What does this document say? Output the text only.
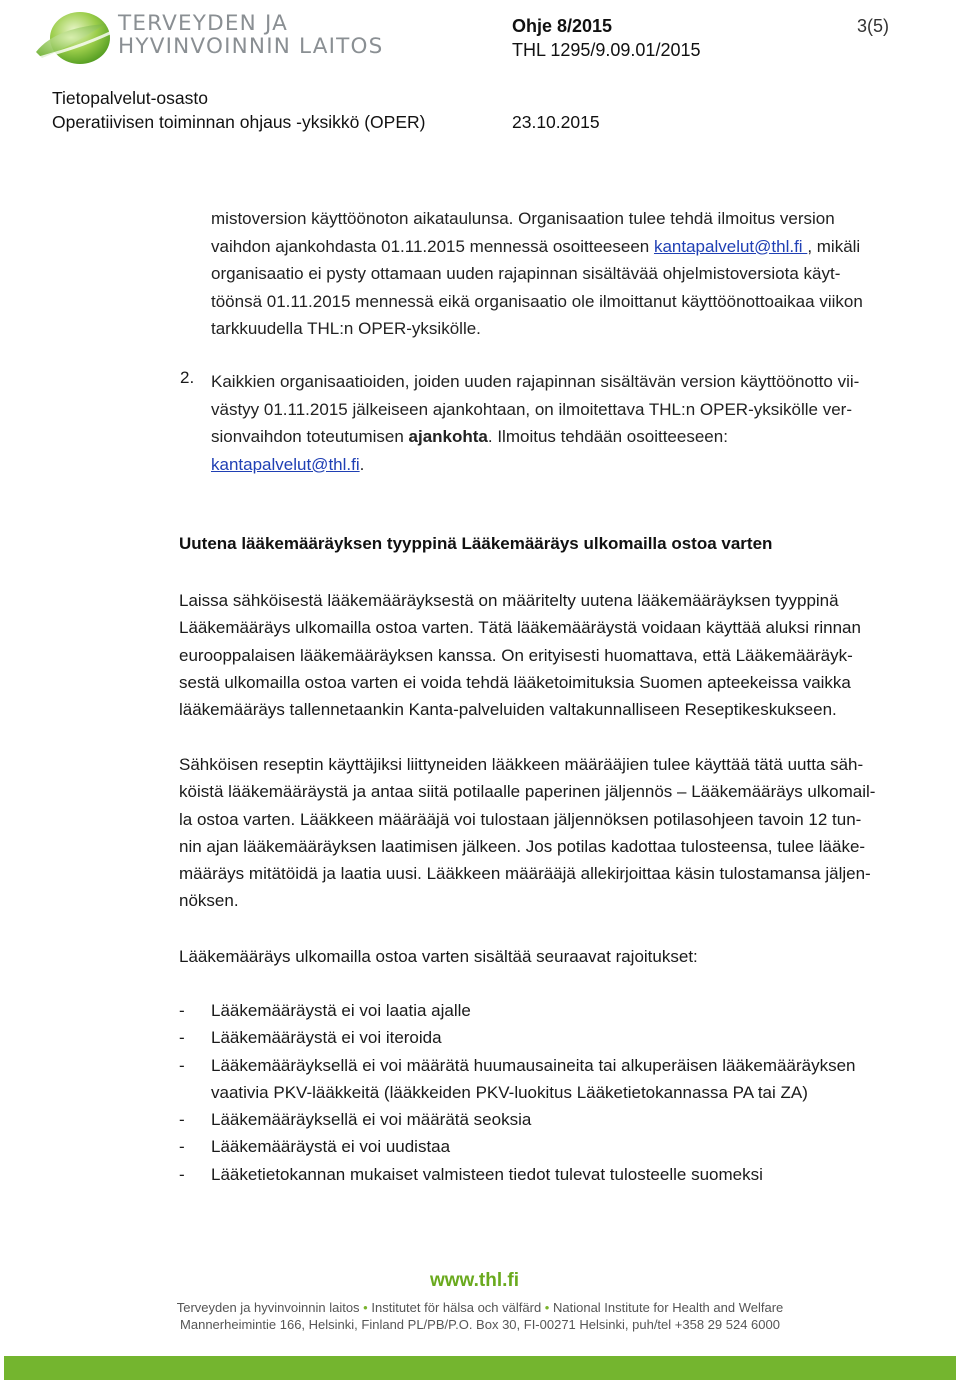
TERVEYDEN JA
HYVINVOINNIN LAITOS
Ohje 8/2015	3(5)
THL 1295/9.09.01/2015
Tietopalvelut-osasto
Operatiivisen toiminnan ohjaus -yksikkö (OPER)	23.10.2015
mistoversion käyttöönoton aikataulunsa. Organisaation tulee tehdä ilmoitus version
vaihdon ajankohdasta 01.11.2015 mennessä osoitteeseen kantapalvelut@thl.fi , mikäli
organisaatio ei pysty ottamaan uuden rajapinnan sisältävää ohjelmistoversiota käyt-
töönsä 01.11.2015 mennessä eikä organisaatio ole ilmoittanut käyttöönottoaikaa viikon
tarkkuudella THL:n OPER-yksikölle.
2. Kaikkien organisaatioiden, joiden uuden rajapinnan sisältävän version käyttöönotto vii-
västyy 01.11.2015 jälkeiseen ajankohtaan, on ilmoitettava THL:n OPER-yksikölle ver-
sionvaihdon toteutumisen ajankohta. Ilmoitus tehdään osoitteeseen:
kantapalvelut@thl.fi.
Uutena lääkemääräyksen tyyppinä Lääkemääräys ulkomailla ostoa varten
Laissa sähköisestä lääkemääräyksestä on määritelty uutena lääkemääräyksen tyyppinä
Lääkemääräys ulkomailla ostoa varten. Tätä lääkemääräystä voidaan käyttää aluksi rinnan
eurooppalaisen lääkemääräyksen kanssa. On erityisesti huomattava, että Lääkemääräyk-
sestä ulkomailla ostoa varten ei voida tehdä lääketoimituksia Suomen apteekeissa vaikka
lääkemääräys tallennetaankin Kanta-palveluiden valtakunnalliseen Reseptikeskukseen.
Sähköisen reseptin käyttäjiksi liittyneiden lääkkeen määrääjien tulee käyttää tätä uutta säh-
köistä lääkemääräystä ja antaa siitä potilaalle paperinen jäljennös – Lääkemääräys ulkomail-
la ostoa varten. Lääkkeen määrääjä voi tulostaan jäljennöksen potilasohjeen tavoin 12 tun-
nin ajan lääkemääräyksen laatimisen jälkeen. Jos potilas kadottaa tulosteensa, tulee lääke-
määräys mitätöidä ja laatia uusi. Lääkkeen määrääjä allekirjoittaa käsin tulostamansa jäljen-
nöksen.
Lääkemääräys ulkomailla ostoa varten sisältää seuraavat rajoitukset:
- Lääkemääräystä ei voi laatia ajalle
- Lääkemääräystä ei voi iteroida
- Lääkemääräyksellä ei voi määrätä huumausaineita tai alkuperäisen lääkemääräyksen
vaativia PKV-lääkkeitä (lääkkeiden PKV-luokitus Lääketietokannassa PA tai ZA)
- Lääkemääräyksellä ei voi määrätä seoksia
- Lääkemääräystä ei voi uudistaa
- Lääketietokannan mukaiset valmisteen tiedot tulevat tulosteelle suomeksi
www.thl.fi
Terveyden ja hyvinvoinnin laitos • Institutet för hälsa och välfärd • National Institute for Health and Welfare
Mannerheimintie 166, Helsinki, Finland PL/PB/P.O. Box 30, FI-00271 Helsinki, puh/tel +358 29 524 6000
